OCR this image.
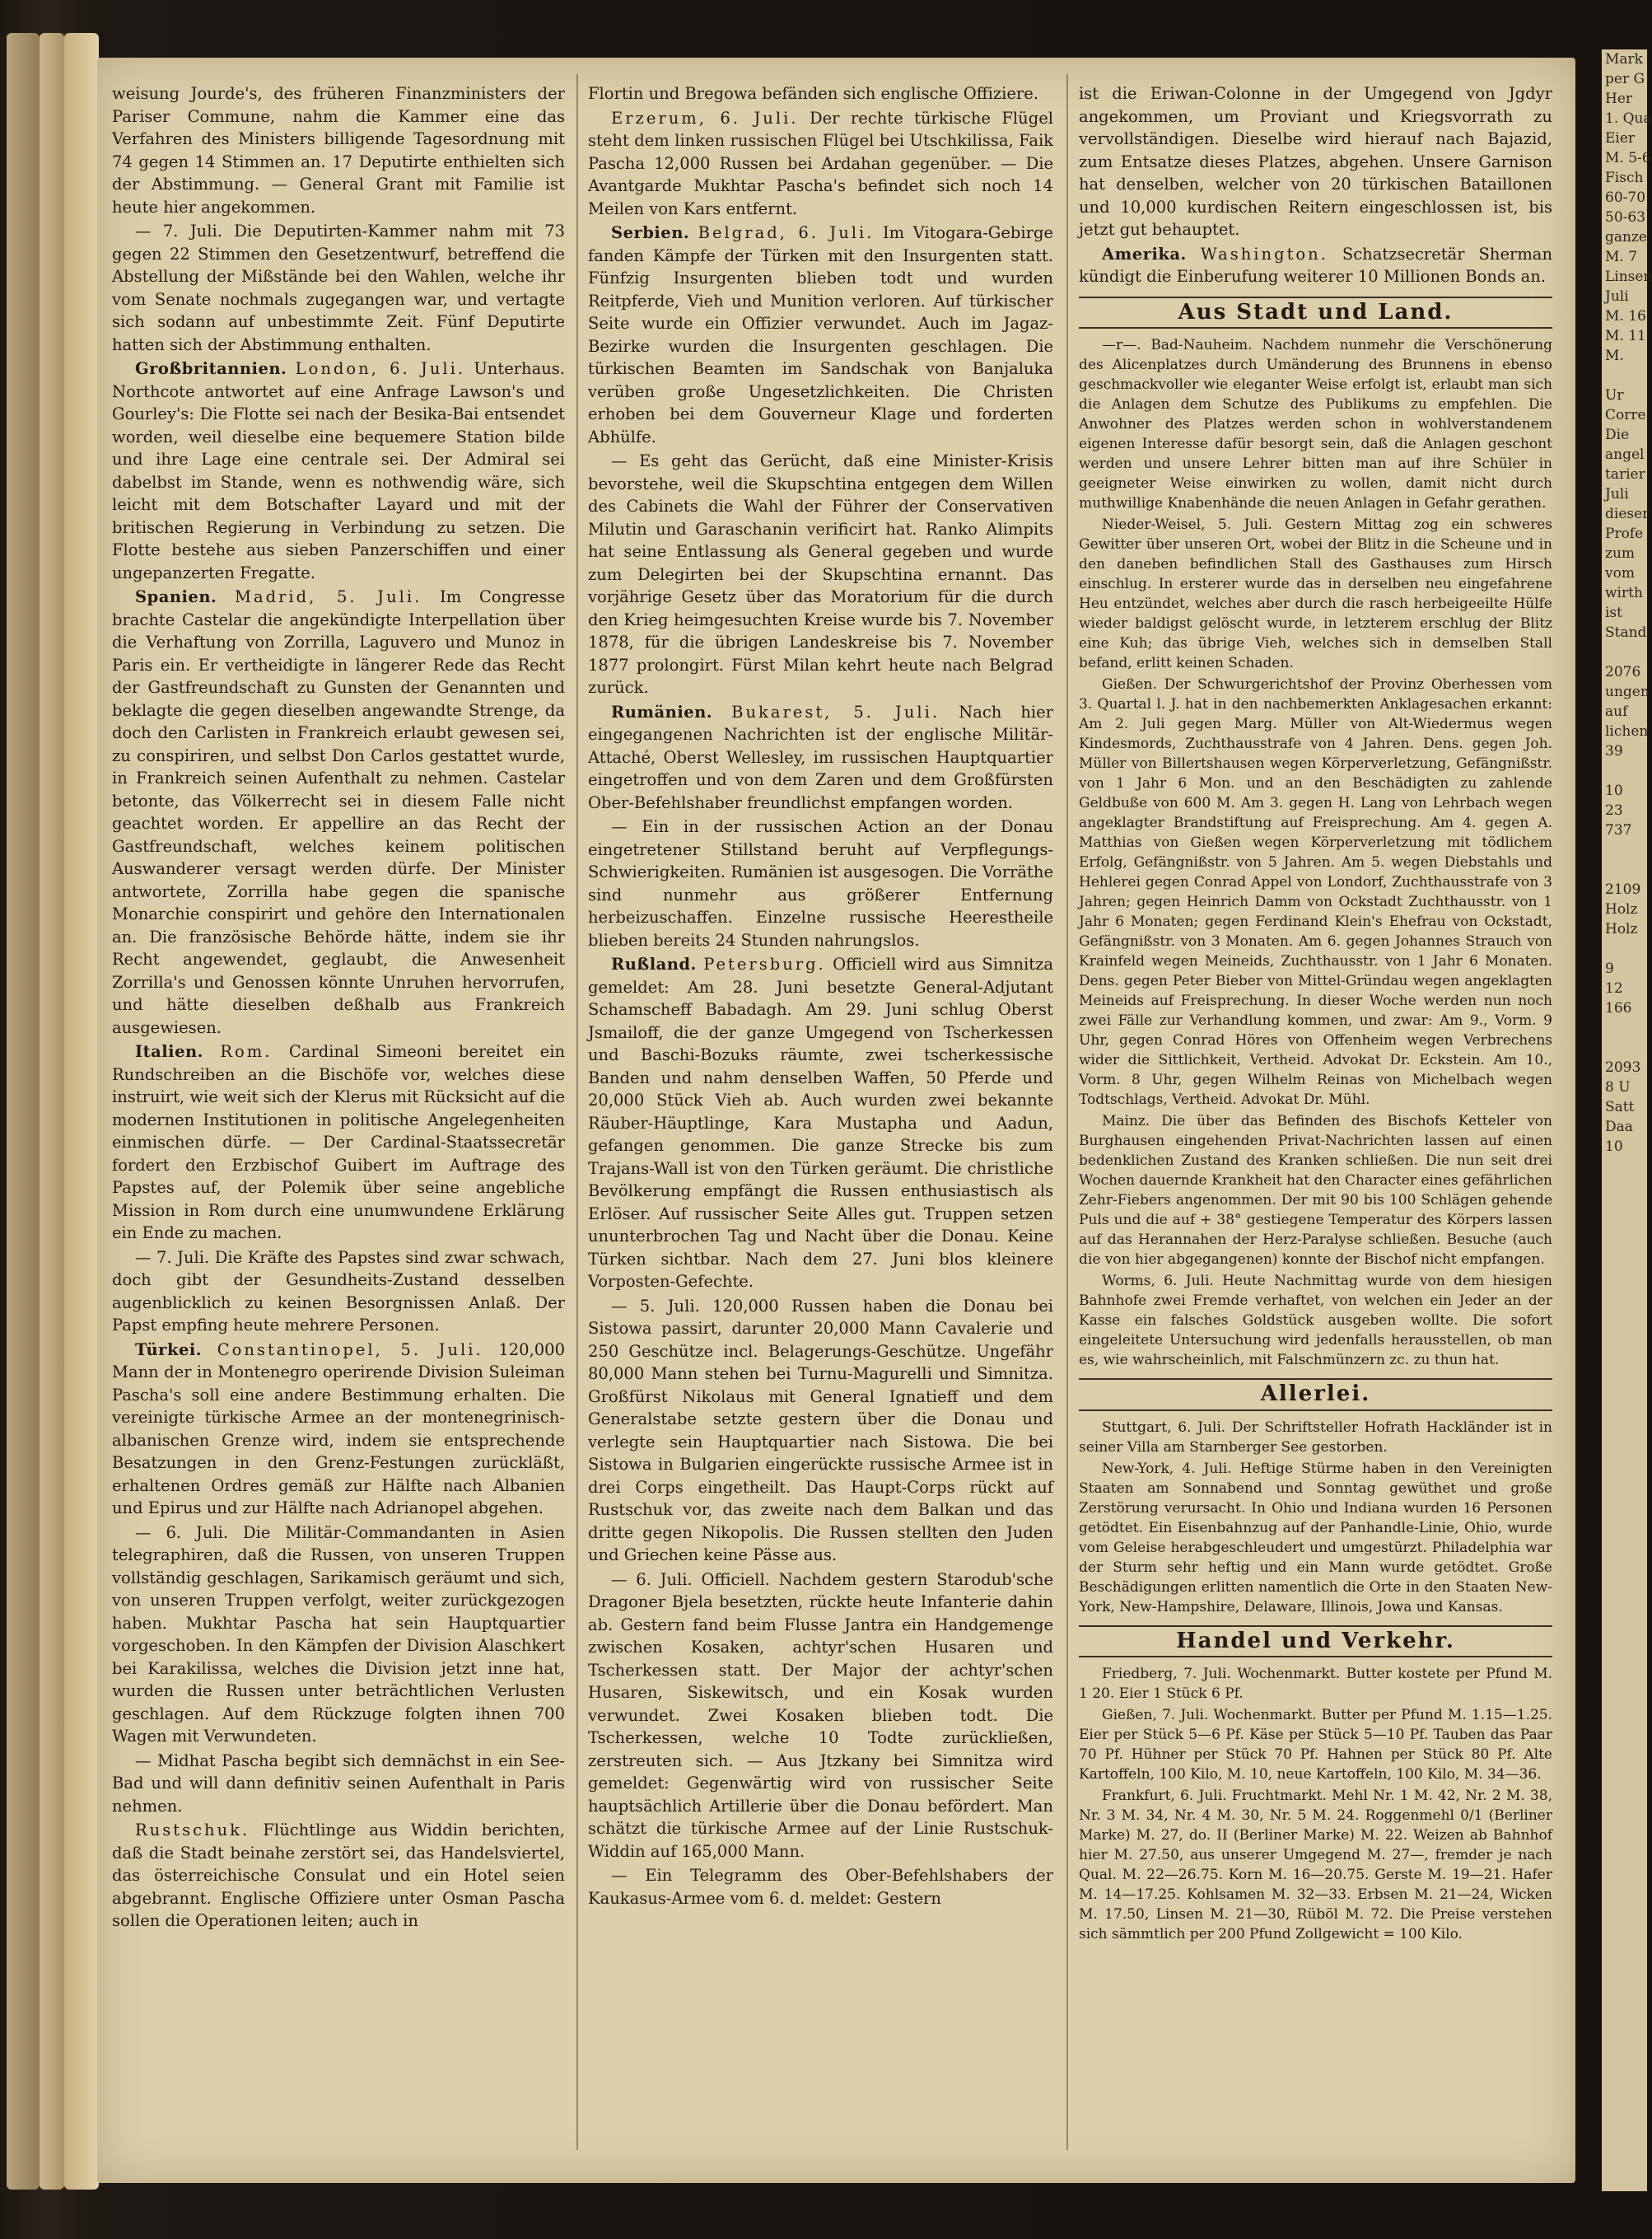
weisung Jourde's, des früheren Finanzministers der Pariser Commune, nahm die Kammer eine das Verfahren des Ministers billigende Tagesordnung mit 74 gegen 14 Stimmen an. 17 Deputirte enthielten sich der Abstimmung. — General Grant mit Familie ist heute hier angekommen.

— 7. Juli. Die Deputirten-Kammer nahm mit 73 gegen 22 Stimmen den Gesetzentwurf, betreffend die Abstellung der Mißstände bei den Wahlen, welche ihr vom Senate nochmals zugegangen war, und vertagte sich sodann auf unbestimmte Zeit. Fünf Deputirte hatten sich der Abstimmung enthalten.

Großbritannien. London, 6. Juli. Unterhaus. Northcote antwortet auf eine Anfrage Lawson's und Gourley's: Die Flotte sei nach der Besika-Bai entsendet worden, weil dieselbe eine bequemere Station bilde und ihre Lage eine centrale sei. Der Admiral sei dabelbst im Stande, wenn es nothwendig wäre, sich leicht mit dem Botschafter Layard und mit der britischen Regierung in Verbindung zu setzen. Die Flotte bestehe aus sieben Panzerschiffen und einer ungepanzerten Fregatte.

Spanien. Madrid, 5. Juli. Im Congresse brachte Castelar die angekündigte Interpellation über die Verhaftung von Zorrilla, Laguvero und Munoz in Paris ein. Er vertheidigte in längerer Rede das Recht der Gastfreundschaft zu Gunsten der Genannten und beklagte die gegen dieselben angewandte Strenge, da doch den Carlisten in Frankreich erlaubt gewesen sei, zu conspiriren, und selbst Don Carlos gestattet wurde, in Frankreich seinen Aufenthalt zu nehmen. Castelar betonte, das Völkerrecht sei in diesem Falle nicht geachtet worden. Er appellire an das Recht der Gastfreundschaft, welches keinem politischen Auswanderer versagt werden dürfe. Der Minister antwortete, Zorrilla habe gegen die spanische Monarchie conspirirt und gehöre den Internationalen an. Die französische Behörde hätte, indem sie ihr Recht angewendet, geglaubt, die Anwesenheit Zorrilla's und Genossen könnte Unruhen hervorrufen, und hätte dieselben deßhalb aus Frankreich ausgewiesen.

Italien. Rom. Cardinal Simeoni bereitet ein Rundschreiben an die Bischöfe vor, welches diese instruirt, wie weit sich der Klerus mit Rücksicht auf die modernen Institutionen in politische Angelegenheiten einmischen dürfe. — Der Cardinal-Staatssecretär fordert den Erzbischof Guibert im Auftrage des Papstes auf, der Polemik über seine angebliche Mission in Rom durch eine unumwundene Erklärung ein Ende zu machen.

— 7. Juli. Die Kräfte des Papstes sind zwar schwach, doch gibt der Gesundheits-Zustand desselben augenblicklich zu keinen Besorgnissen Anlaß. Der Papst empfing heute mehrere Personen.

Türkei. Constantinopel, 5. Juli. 120,000 Mann der in Montenegro operirende Division Suleiman Pascha's soll eine andere Bestimmung erhalten. Die vereinigte türkische Armee an der montenegrinisch-albanischen Grenze wird, indem sie entsprechende Besatzungen in den Grenz-Festungen zurückläßt, erhaltenen Ordres gemäß zur Hälfte nach Albanien und Epirus und zur Hälfte nach Adrianopel abgehen.

— 6. Juli. Die Militär-Commandanten in Asien telegraphiren, daß die Russen, von unseren Truppen vollständig geschlagen, Sarikamisch geräumt und sich, von unseren Truppen verfolgt, weiter zurückgezogen haben. Mukhtar Pascha hat sein Hauptquartier vorgeschoben. In den Kämpfen der Division Alaschkert bei Karakilissa, welches die Division jetzt inne hat, wurden die Russen unter beträchtlichen Verlusten geschlagen. Auf dem Rückzuge folgten ihnen 700 Wagen mit Verwundeten.

— Midhat Pascha begibt sich demnächst in ein See-Bad und will dann definitiv seinen Aufenthalt in Paris nehmen.

Rustschuk. Flüchtlinge aus Widdin berichten, daß die Stadt beinahe zerstört sei, das Handelsviertel, das österreichische Consulat und ein Hotel seien abgebrannt. Englische Offiziere unter Osman Pascha sollen die Operationen leiten; auch in

Flortin und Bregowa befänden sich englische Offiziere.

Erzerum, 6. Juli. Der rechte türkische Flügel steht dem linken russischen Flügel bei Utschkilissa, Faik Pascha 12,000 Russen bei Ardahan gegenüber. — Die Avantgarde Mukhtar Pascha's befindet sich noch 14 Meilen von Kars entfernt.

Serbien. Belgrad, 6. Juli. Im Vitogara-Gebirge fanden Kämpfe der Türken mit den Insurgenten statt. Fünfzig Insurgenten blieben todt und wurden Reitpferde, Vieh und Munition verloren. Auf türkischer Seite wurde ein Offizier verwundet. Auch im Jagaz-Bezirke wurden die Insurgenten geschlagen. Die türkischen Beamten im Sandschak von Banjaluka verüben große Ungesetzlichkeiten. Die Christen erhoben bei dem Gouverneur Klage und forderten Abhülfe.

— Es geht das Gerücht, daß eine Minister-Krisis bevorstehe, weil die Skupschtina entgegen dem Willen des Cabinets die Wahl der Führer der Conservativen Milutin und Garaschanin verificirt hat. Ranko Alimpits hat seine Entlassung als General gegeben und wurde zum Delegirten bei der Skupschtina ernannt. Das vorjährige Gesetz über das Moratorium für die durch den Krieg heimgesuchten Kreise wurde bis 7. November 1878, für die übrigen Landeskreise bis 7. November 1877 prolongirt. Fürst Milan kehrt heute nach Belgrad zurück.

Rumänien. Bukarest, 5. Juli. Nach hier eingegangenen Nachrichten ist der englische Militär-Attaché, Oberst Wellesley, im russischen Hauptquartier eingetroffen und von dem Zaren und dem Großfürsten Ober-Befehlshaber freundlichst empfangen worden.

— Ein in der russischen Action an der Donau eingetretener Stillstand beruht auf Verpflegungs-Schwierigkeiten. Rumänien ist ausgesogen. Die Vorräthe sind nunmehr aus größerer Entfernung herbeizuschaffen. Einzelne russische Heerestheile blieben bereits 24 Stunden nahrungslos.

Rußland. Petersburg. Officiell wird aus Simnitza gemeldet: Am 28. Juni besetzte General-Adjutant Schamscheff Babadagh. Am 29. Juni schlug Oberst Jsmailoff, die der ganze Umgegend von Tscherkessen und Baschi-Bozuks räumte, zwei tscherkessische Banden und nahm denselben Waffen, 50 Pferde und 20,000 Stück Vieh ab. Auch wurden zwei bekannte Räuber-Häuptlinge, Kara Mustapha und Aadun, gefangen genommen. Die ganze Strecke bis zum Trajans-Wall ist von den Türken geräumt. Die christliche Bevölkerung empfängt die Russen enthusiastisch als Erlöser. Auf russischer Seite Alles gut. Truppen setzen ununterbrochen Tag und Nacht über die Donau. Keine Türken sichtbar. Nach dem 27. Juni blos kleinere Vorposten-Gefechte.

— 5. Juli. 120,000 Russen haben die Donau bei Sistowa passirt, darunter 20,000 Mann Cavalerie und 250 Geschütze incl. Belagerungs-Geschütze. Ungefähr 80,000 Mann stehen bei Turnu-Magurelli und Simnitza. Großfürst Nikolaus mit General Ignatieff und dem Generalstabe setzte gestern über die Donau und verlegte sein Hauptquartier nach Sistowa. Die bei Sistowa in Bulgarien eingerückte russische Armee ist in drei Corps eingetheilt. Das Haupt-Corps rückt auf Rustschuk vor, das zweite nach dem Balkan und das dritte gegen Nikopolis. Die Russen stellten den Juden und Griechen keine Pässe aus.

— 6. Juli. Officiell. Nachdem gestern Starodub'sche Dragoner Bjela besetzten, rückte heute Infanterie dahin ab. Gestern fand beim Flusse Jantra ein Handgemenge zwischen Kosaken, achtyr'schen Husaren und Tscherkessen statt. Der Major der achtyr'schen Husaren, Siskewitsch, und ein Kosak wurden verwundet. Zwei Kosaken blieben todt. Die Tscherkessen, welche 10 Todte zurückließen, zerstreuten sich. — Aus Jtzkany bei Simnitza wird gemeldet: Gegenwärtig wird von russischer Seite hauptsächlich Artillerie über die Donau befördert. Man schätzt die türkische Armee auf der Linie Rustschuk-Widdin auf 165,000 Mann.

— Ein Telegramm des Ober-Befehlshabers der Kaukasus-Armee vom 6. d. meldet: Gestern

ist die Eriwan-Colonne in der Umgegend von Jgdyr angekommen, um Proviant und Kriegsvorrath zu vervollständigen. Dieselbe wird hierauf nach Bajazid, zum Entsatze dieses Platzes, abgehen. Unsere Garnison hat denselben, welcher von 20 türkischen Bataillonen und 10,000 kurdischen Reitern eingeschlossen ist, bis jetzt gut behauptet.

Amerika. Washington. Schatzsecretär Sherman kündigt die Einberufung weiterer 10 Millionen Bonds an.

Aus Stadt und Land.

—r—. Bad-Nauheim. Nachdem nunmehr die Verschönerung des Alicenplatzes durch Umänderung des Brunnens in ebenso geschmackvoller wie eleganter Weise erfolgt ist, erlaubt man sich die Anlagen dem Schutze des Publikums zu empfehlen. Die Anwohner des Platzes werden schon in wohlverstandenem eigenen Interesse dafür besorgt sein, daß die Anlagen geschont werden und unsere Lehrer bitten man auf ihre Schüler in geeigneter Weise einwirken zu wollen, damit nicht durch muthwillige Knabenhände die neuen Anlagen in Gefahr gerathen.

Nieder-Weisel, 5. Juli. Gestern Mittag zog ein schweres Gewitter über unseren Ort, wobei der Blitz in die Scheune und in den daneben befindlichen Stall des Gasthauses zum Hirsch einschlug. In ersterer wurde das in derselben neu eingefahrene Heu entzündet, welches aber durch die rasch herbeigeeilte Hülfe wieder baldigst gelöscht wurde, in letzterem erschlug der Blitz eine Kuh; das übrige Vieh, welches sich in demselben Stall befand, erlitt keinen Schaden.

Gießen. Der Schwurgerichtshof der Provinz Oberhessen vom 3. Quartal l. J. hat in den nachbemerkten Anklagesachen erkannt: Am 2. Juli gegen Marg. Müller von Alt-Wiedermus wegen Kindesmords, Zuchthausstrafe von 4 Jahren. Dens. gegen Joh. Müller von Billertshausen wegen Körperverletzung, Gefängnißstr. von 1 Jahr 6 Mon. und an den Beschädigten zu zahlende Geldbuße von 600 M. Am 3. gegen H. Lang von Lehrbach wegen angeklagter Brandstiftung auf Freisprechung. Am 4. gegen A. Matthias von Gießen wegen Körperverletzung mit tödlichem Erfolg, Gefängnißstr. von 5 Jahren. Am 5. wegen Diebstahls und Hehlerei gegen Conrad Appel von Londorf, Zuchthausstrafe von 3 Jahren; gegen Heinrich Damm von Ockstadt Zuchthausstr. von 1 Jahr 6 Monaten; gegen Ferdinand Klein's Ehefrau von Ockstadt, Gefängnißstr. von 3 Monaten. Am 6. gegen Johannes Strauch von Krainfeld wegen Meineids, Zuchthausstr. von 1 Jahr 6 Monaten. Dens. gegen Peter Bieber von Mittel-Gründau wegen angeklagten Meineids auf Freisprechung. In dieser Woche werden nun noch zwei Fälle zur Verhandlung kommen, und zwar: Am 9., Vorm. 9 Uhr, gegen Conrad Höres von Offenheim wegen Verbrechens wider die Sittlichkeit, Vertheid. Advokat Dr. Eckstein. Am 10., Vorm. 8 Uhr, gegen Wilhelm Reinas von Michelbach wegen Todtschlags, Vertheid. Advokat Dr. Mühl.

Mainz. Die über das Befinden des Bischofs Ketteler von Burghausen eingehenden Privat-Nachrichten lassen auf einen bedenklichen Zustand des Kranken schließen. Die nun seit drei Wochen dauernde Krankheit hat den Character eines gefährlichen Zehr-Fiebers angenommen. Der mit 90 bis 100 Schlägen gehende Puls und die auf + 38° gestiegene Temperatur des Körpers lassen auf das Herannahen der Herz-Paralyse schließen. Besuche (auch die von hier abgegangenen) konnte der Bischof nicht empfangen.

Worms, 6. Juli. Heute Nachmittag wurde von dem hiesigen Bahnhofe zwei Fremde verhaftet, von welchen ein Jeder an der Kasse ein falsches Goldstück ausgeben wollte. Die sofort eingeleitete Untersuchung wird jedenfalls herausstellen, ob man es, wie wahrscheinlich, mit Falschmünzern zc. zu thun hat.

Allerlei.

Stuttgart, 6. Juli. Der Schriftsteller Hofrath Hackländer ist in seiner Villa am Starnberger See gestorben.

New-York, 4. Juli. Heftige Stürme haben in den Vereinigten Staaten am Sonnabend und Sonntag gewüthet und große Zerstörung verursacht. In Ohio und Indiana wurden 16 Personen getödtet. Ein Eisenbahnzug auf der Panhandle-Linie, Ohio, wurde vom Geleise herabgeschleudert und umgestürzt. Philadelphia war der Sturm sehr heftig und ein Mann wurde getödtet. Große Beschädigungen erlitten namentlich die Orte in den Staaten New-York, New-Hampshire, Delaware, Illinois, Jowa und Kansas.

Handel und Verkehr.

Friedberg, 7. Juli. Wochenmarkt. Butter kostete per Pfund M. 1 20. Eier 1 Stück 6 Pf.

Gießen, 7. Juli. Wochenmarkt. Butter per Pfund M. 1.15—1.25. Eier per Stück 5—6 Pf. Käse per Stück 5—10 Pf. Tauben das Paar 70 Pf. Hühner per Stück 70 Pf. Hahnen per Stück 80 Pf. Alte Kartoffeln, 100 Kilo, M. 10, neue Kartoffeln, 100 Kilo, M. 34—36.

Frankfurt, 6. Juli. Fruchtmarkt. Mehl Nr. 1 M. 42, Nr. 2 M. 38, Nr. 3 M. 34, Nr. 4 M. 30, Nr. 5 M. 24. Roggenmehl 0/1 (Berliner Marke) M. 27, do. II (Berliner Marke) M. 22. Weizen ab Bahnhof hier M. 27.50, aus unserer Umgegend M. 27—, fremder je nach Qual. M. 22—26.75. Korn M. 16—20.75. Gerste M. 19—21. Hafer M. 14—17.25. Kohlsamen M. 32—33. Erbsen M. 21—24, Wicken M. 17.50, Linsen M. 21—30, Rüböl M. 72. Die Preise verstehen sich sämmtlich per 200 Pfund Zollgewicht = 100 Kilo.

Mark
per G
Her
1. Qua
Eier
M. 5-6
Fisch
60-70
50-63
ganze
M. 7
Linsen
Juli
M. 16
M. 11
M.

Ur
Corre
Die
angel
tarier
Juli
dieser
Profe
zum
vom
wirth
ist
Stand

2076
ungen
auf
lichen
39

10
23
737

2109
Holz
Holz

9
12
166

2093
8 U
Satt
Daa
10
